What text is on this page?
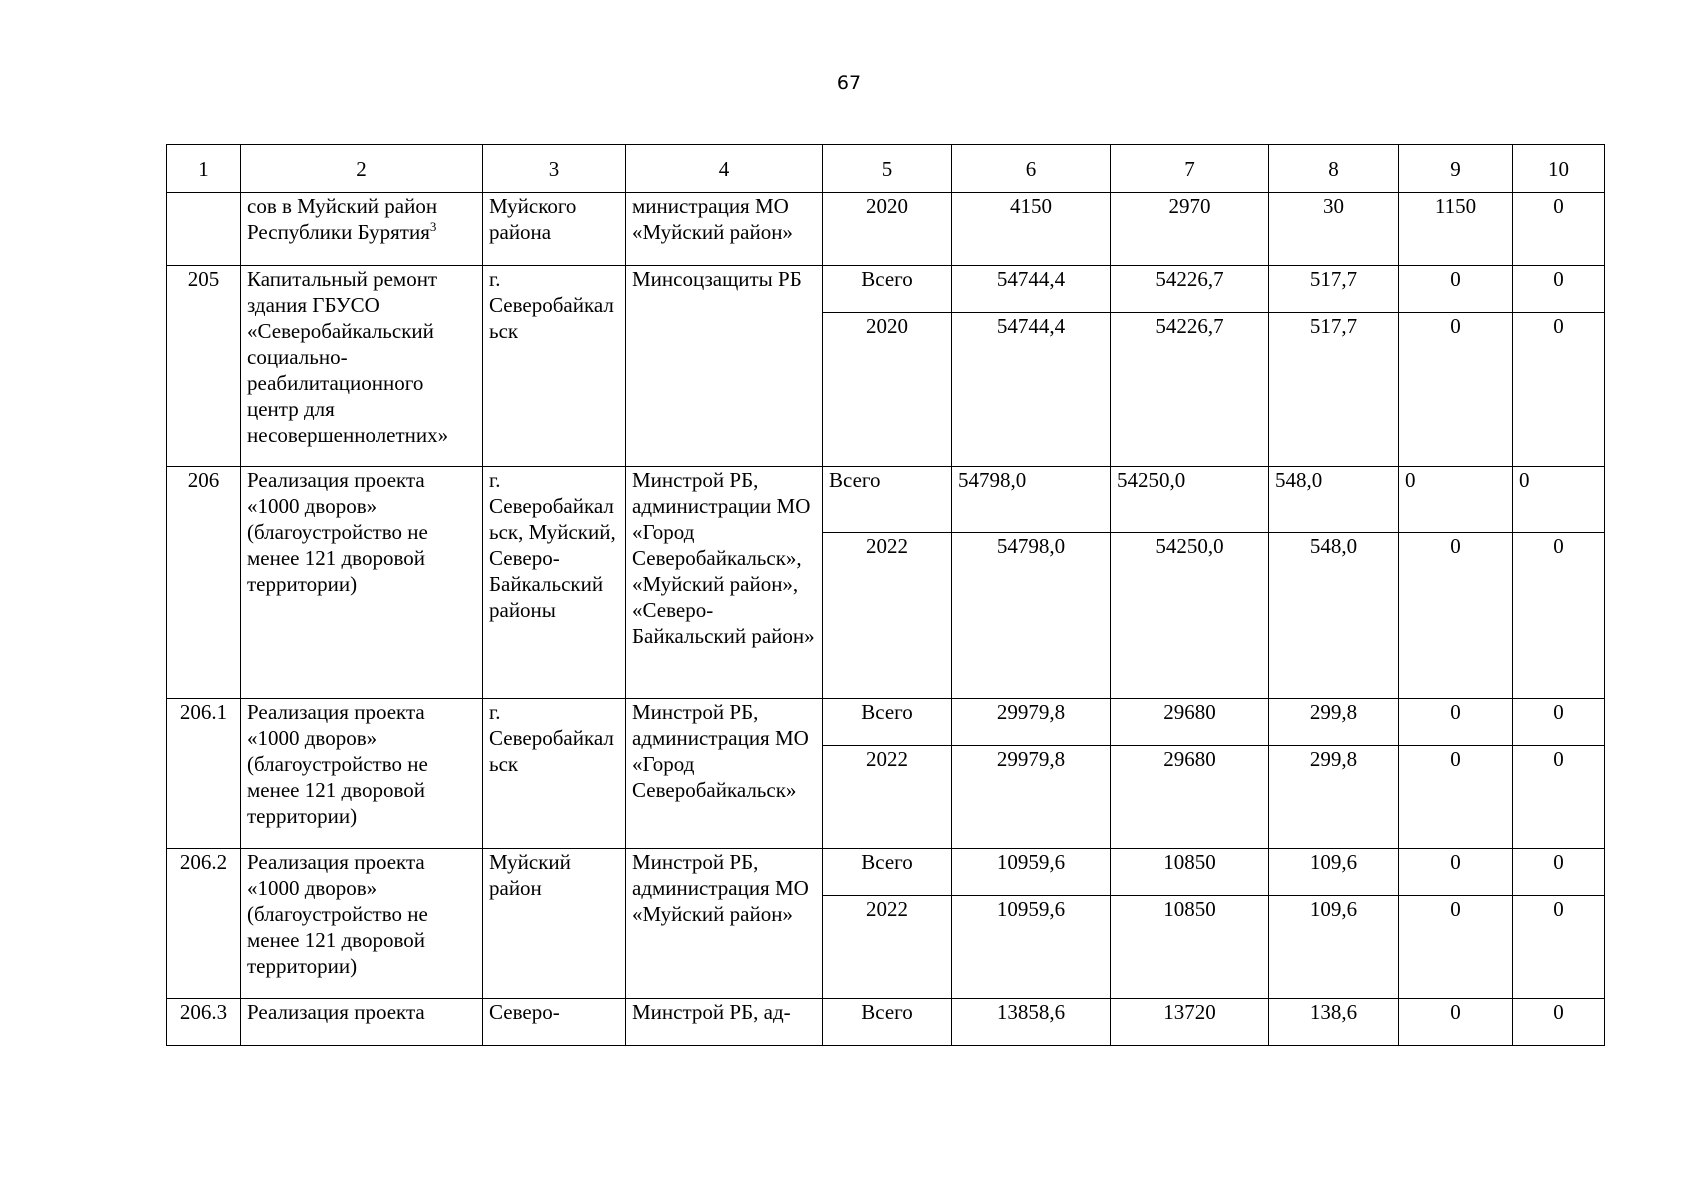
67
1	2	3	4	5	6	7	8	9	10
	сов в Муйский район Республики Бурятия$^3$	Муйского района	министрация МО «Муйский район»	2020	4150	2970	30	1150	0
205	Капитальный ремонт здания ГБУСО «Северобайкальский социально-реабилитационного центр для несовершеннолетних»	г. Северобайкальск	Минсоцзащиты РБ	Всего	54744,4	54226,7	517,7	0	0
				2020	54744,4	54226,7	517,7	0	0
206	Реализация проекта «1000 дворов» (благоустройство не менее 121 дворовой территории)	г. Северобайкальск, Муйский, Северо-Байкальский районы	Минстрой РБ, администрации МО «Город Северобайкальск», «Муйский район», «Северо-Байкальский район»	Всего	54798,0	54250,0	548,0	0	0
				2022	54798,0	54250,0	548,0	0	0
206.1	Реализация проекта «1000 дворов» (благоустройство не менее 121 дворовой территории)	г. Северобайкальск	Минстрой РБ, администрация МО «Город Северобайкальск»	Всего	29979,8	29680	299,8	0	0
				2022	29979,8	29680	299,8	0	0
206.2	Реализация проекта «1000 дворов» (благоустройство не менее 121 дворовой территории)	Муйский район	Минстрой РБ, администрация МО «Муйский район»	Всего	10959,6	10850	109,6	0	0
				2022	10959,6	10850	109,6	0	0
206.3	Реализация проекта	Северо-	Минстрой РБ, ад-	Всего	13858,6	13720	138,6	0	0
